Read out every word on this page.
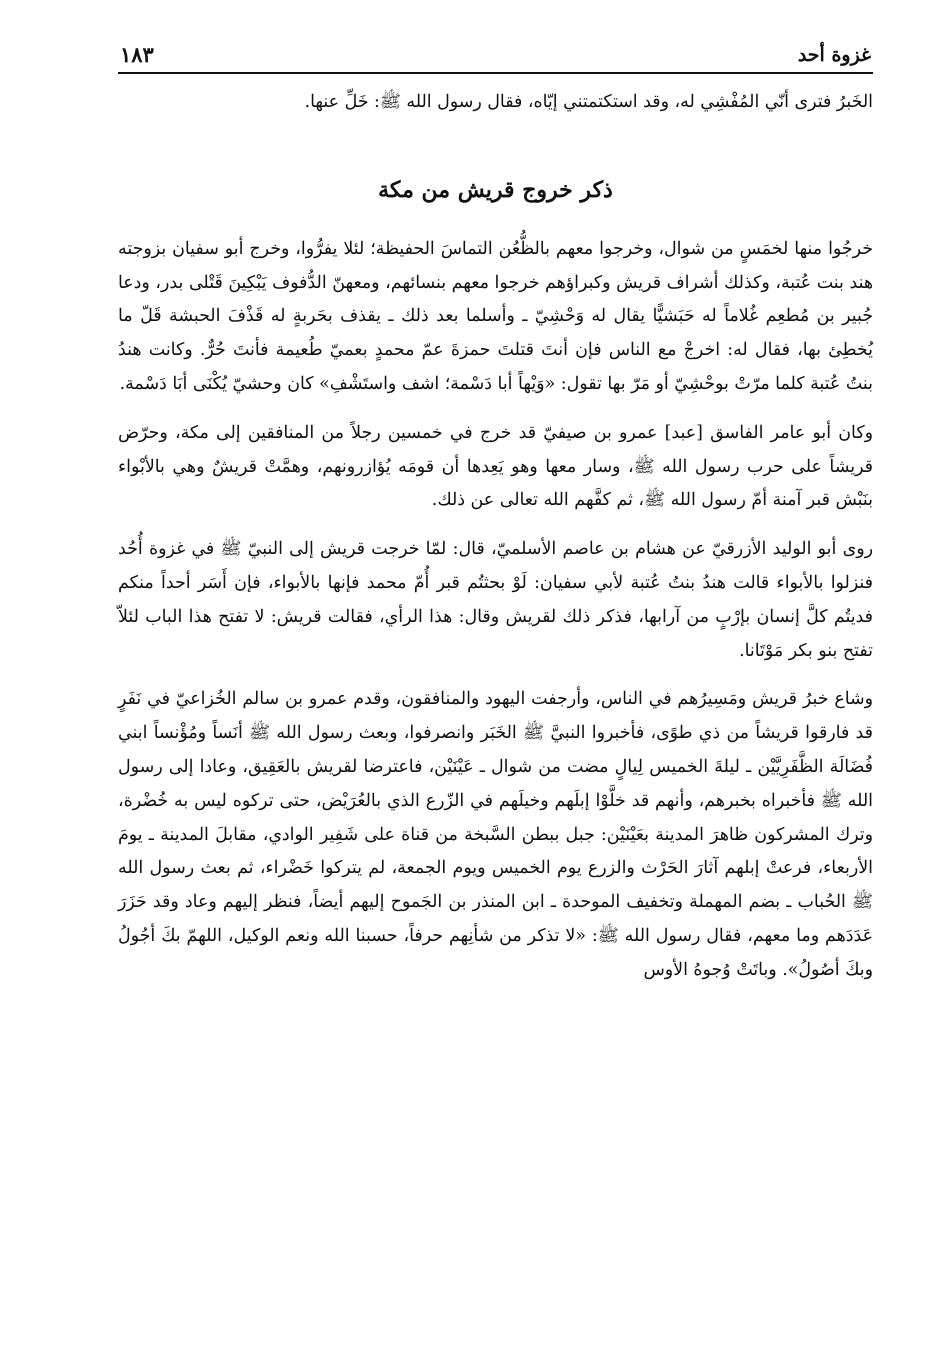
غزوة أحد
١٨٣

الخَبرُ فترى أنّي المُفْشِي له، وقد استكتمتني إيّاه، فقال رسول الله ﷺ: خَلِّ عنها.

ذكر خروج قريش من مكة

خرجُوا منها لخمَسٍ من شوال، وخرجوا معهم بالظُّعُن التماسَ الحفيظة؛ لئلا يفرُّوا، وخرج أبو سفيان بزوجته هند بنت عُتبة، وكذلك أشراف قريش وكبراؤهم خرجوا معهم بنسائهم، ومعهنّ الدُّفوف يَبْكِينَ قَتْلى بدر، ودعا جُبير بن مُطعِم غُلاماً له حَبَشيًّا يقال له وَحْشِيّ ـ وأسلما بعد ذلك ـ يقذف بحَربةٍ له قَذْفَ الحبشة قَلّ ما يُخطِئ بها، فقال له: اخرجْ مع الناس فإن أنتَ قتلتَ حمزةَ عمّ محمدٍ بعميّ طُعيمة فأنتَ حُرٌّ. وكانت هندُ بنتُ عُتبة كلما مرّتْ بوحْشِيّ أو مَرّ بها تقول: «وَيْهاً أبا دَسْمة؛ اشف واستَشْفِ» كان وحشيّ يُكْنَى أبَا دَسْمة.

وكان أبو عامر الفاسق [عبد] عمرو بن صيفيّ قد خرج في خمسين رجلاً من المنافقين إلى مكة، وحرّض قريشاً على حرب رسول الله ﷺ، وسار معها وهو يَعِدها أن قومَه يُؤازرونهم، وهمَّتْ قريشٌ وهي بالأبْواء بنَبْش قبر آمنة أمّ رسول الله ﷺ، ثم كفَّهم الله تعالى عن ذلك.

روى أبو الوليد الأزرقيّ عن هشام بن عاصم الأسلميّ، قال: لمّا خرجت قريش إلى النبيّ ﷺ في غزوة أُحُد فنزلوا بالأبواء قالت هندُ بنتُ عُتبة لأبي سفيان: لَوْ بحثتُم قبر أُمّ محمد فإنها بالأبواء، فإن أَسَر أحداً منكم فديتُم كلَّ إنسان بإرْبٍ من آرابها، فذكر ذلك لقريش وقال: هذا الرأي، فقالت قريش: لا تفتح هذا الباب لئلاّ تفتح بنو بكر مَوْتَانا.

وشاع خبرُ قريش ومَسِيرُهم في الناس، وأرجفت اليهود والمنافقون، وقدم عمرو بن سالم الخُزاعيّ في نَفَرٍ قد فارقوا قريشاً من ذي طوًى، فأخبروا النبيَّ ﷺ الخَبَر وانصرفوا، وبعث رسول الله ﷺ أنَساً ومُؤْنساً ابني فُضَالَة الظَّفَرِيَّيْن ـ ليلةَ الخميس لِيالٍ مضت من شوال ـ عَيْنَيْن، فاعترضا لقريش بالعَقِيق، وعادا إلى رسول الله ﷺ فأخبراه بخبرهم، وأنهم قد خلَّوْا إبلَهم وخيلَهم في الزّرع الذي بالعُرَيْض، حتى تركوه ليس به خُضْرة، وترك المشركون ظاهرَ المدينة بعَيْنَيْن: جبل ببطن السَّبخة من قناة على شَفِير الوادي، مقابلَ المدينة ـ يومَ الأربعاء، فرعتْ إبلهم آثارَ الحَرْث والزرع يوم الخميس ويوم الجمعة، لم يتركوا خَضْراء، ثم بعث رسول الله ﷺ الحُباب ـ بضم المهملة وتخفيف الموحدة ـ ابن المنذر بن الجَموح إليهم أيضاً، فنظر إليهم وعاد وقد حَزَرَ عَدَدَهم وما معهم، فقال رسول الله ﷺ: «لا تذكر من شأنِهم حرفاً، حسبنا الله ونعم الوكيل، اللهمّ بكَ أجُولُ وبكَ أصُولُ». وباتَتْ وُجوهُ الأوس
